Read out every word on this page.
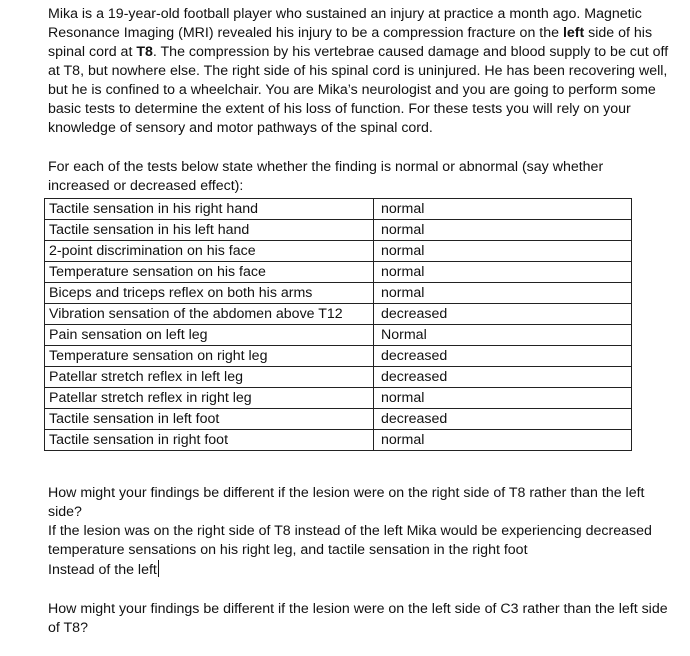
Mika is a 19-year-old football player who sustained an injury at practice a month ago. Magnetic Resonance Imaging (MRI) revealed his injury to be a compression fracture on the left side of his spinal cord at T8. The compression by his vertebrae caused damage and blood supply to be cut off at T8, but nowhere else. The right side of his spinal cord is uninjured. He has been recovering well, but he is confined to a wheelchair. You are Mika’s neurologist and you are going to perform some basic tests to determine the extent of his loss of function. For these tests you will rely on your knowledge of sensory and motor pathways of the spinal cord.

For each of the tests below state whether the finding is normal or abnormal (say whether increased or decreased effect):

Tactile sensation in his right hand	normal
Tactile sensation in his left hand	normal
2-point discrimination on his face	normal
Temperature sensation on his face	normal
Biceps and triceps reflex on both his arms	normal
Vibration sensation of the abdomen above T12	decreased
Pain sensation on left leg	Normal
Temperature sensation on right leg	decreased
Patellar stretch reflex in left leg	decreased
Patellar stretch reflex in right leg	normal
Tactile sensation in left foot	decreased
Tactile sensation in right foot	normal

How might your findings be different if the lesion were on the right side of T8 rather than the left side?

If the lesion was on the right side of T8 instead of the left Mika would be experiencing decreased temperature sensations on his right leg, and tactile sensation in the right foot

Instead of the left

How might your findings be different if the lesion were on the left side of C3 rather than the left side of T8?
